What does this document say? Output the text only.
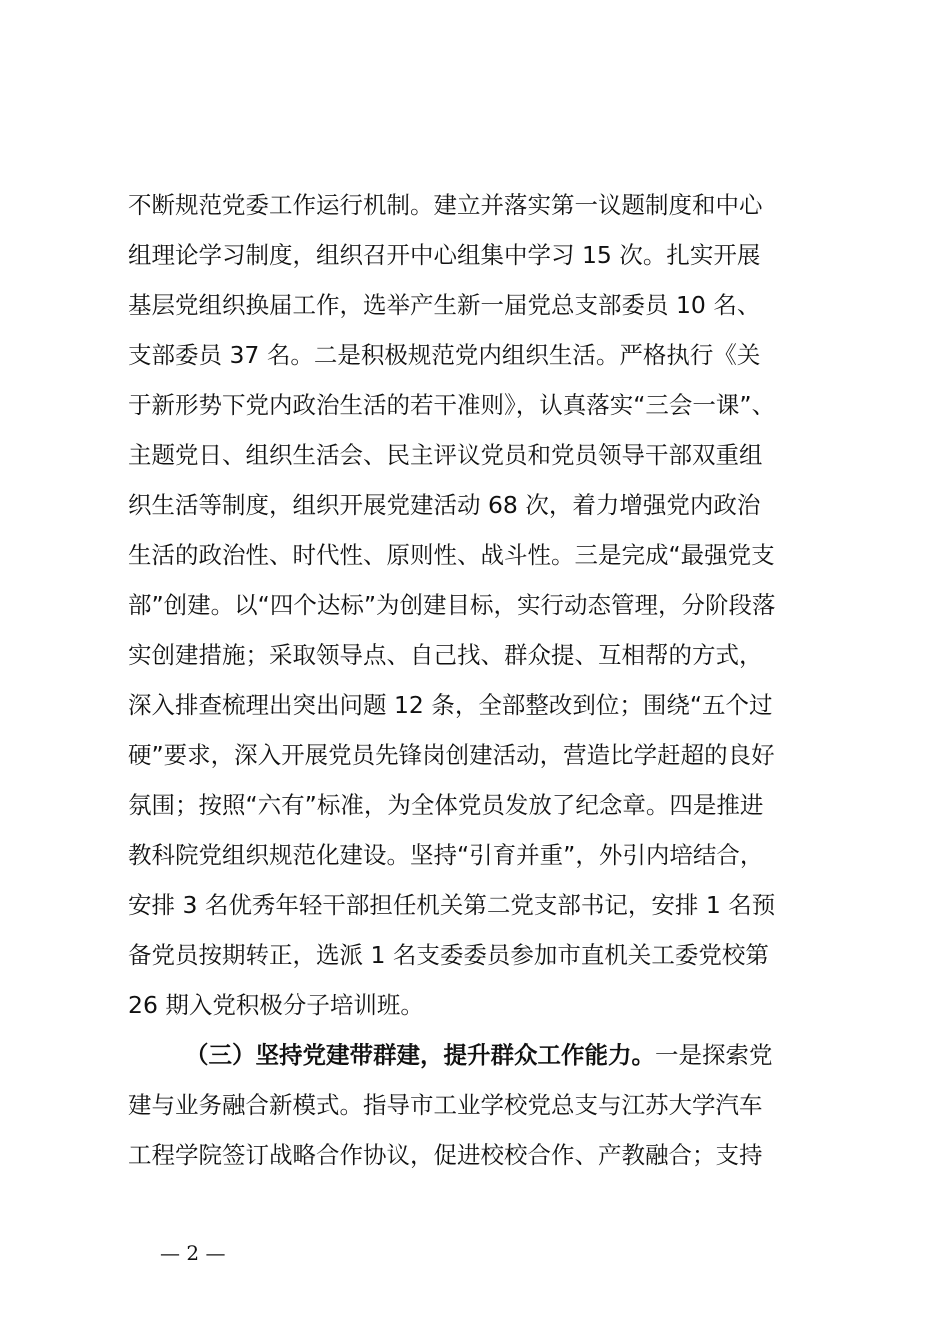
不断规范党委工作运行机制。建立并落实第一议题制度和中心
组理论学习制度，组织召开中心组集中学习 15 次。扎实开展
基层党组织换届工作，选举产生新一届党总支部委员 10 名、
支部委员 37 名。二是积极规范党内组织生活。严格执行《关
于新形势下党内政治生活的若干准则》，认真落实“三会一课”、
主题党日、组织生活会、民主评议党员和党员领导干部双重组
织生活等制度，组织开展党建活动 68 次，着力增强党内政治
生活的政治性、时代性、原则性、战斗性。三是完成“最强党支
部”创建。以“四个达标”为创建目标，实行动态管理，分阶段落
实创建措施；采取领导点、自己找、群众提、互相帮的方式，
深入排查梳理出突出问题 12 条，全部整改到位；围绕“五个过
硬”要求，深入开展党员先锋岗创建活动，营造比学赶超的良好
氛围；按照“六有”标准，为全体党员发放了纪念章。四是推进
教科院党组织规范化建设。坚持“引育并重”，外引内培结合，
安排 3 名优秀年轻干部担任机关第二党支部书记，安排 1 名预
备党员按期转正，选派 1 名支委委员参加市直机关工委党校第
26 期入党积极分子培训班。
（三）坚持党建带群建，提升群众工作能力。一是探索党
建与业务融合新模式。指导市工业学校党总支与江苏大学汽车
工程学院签订战略合作协议，促进校校合作、产教融合；支持
— 2 —
